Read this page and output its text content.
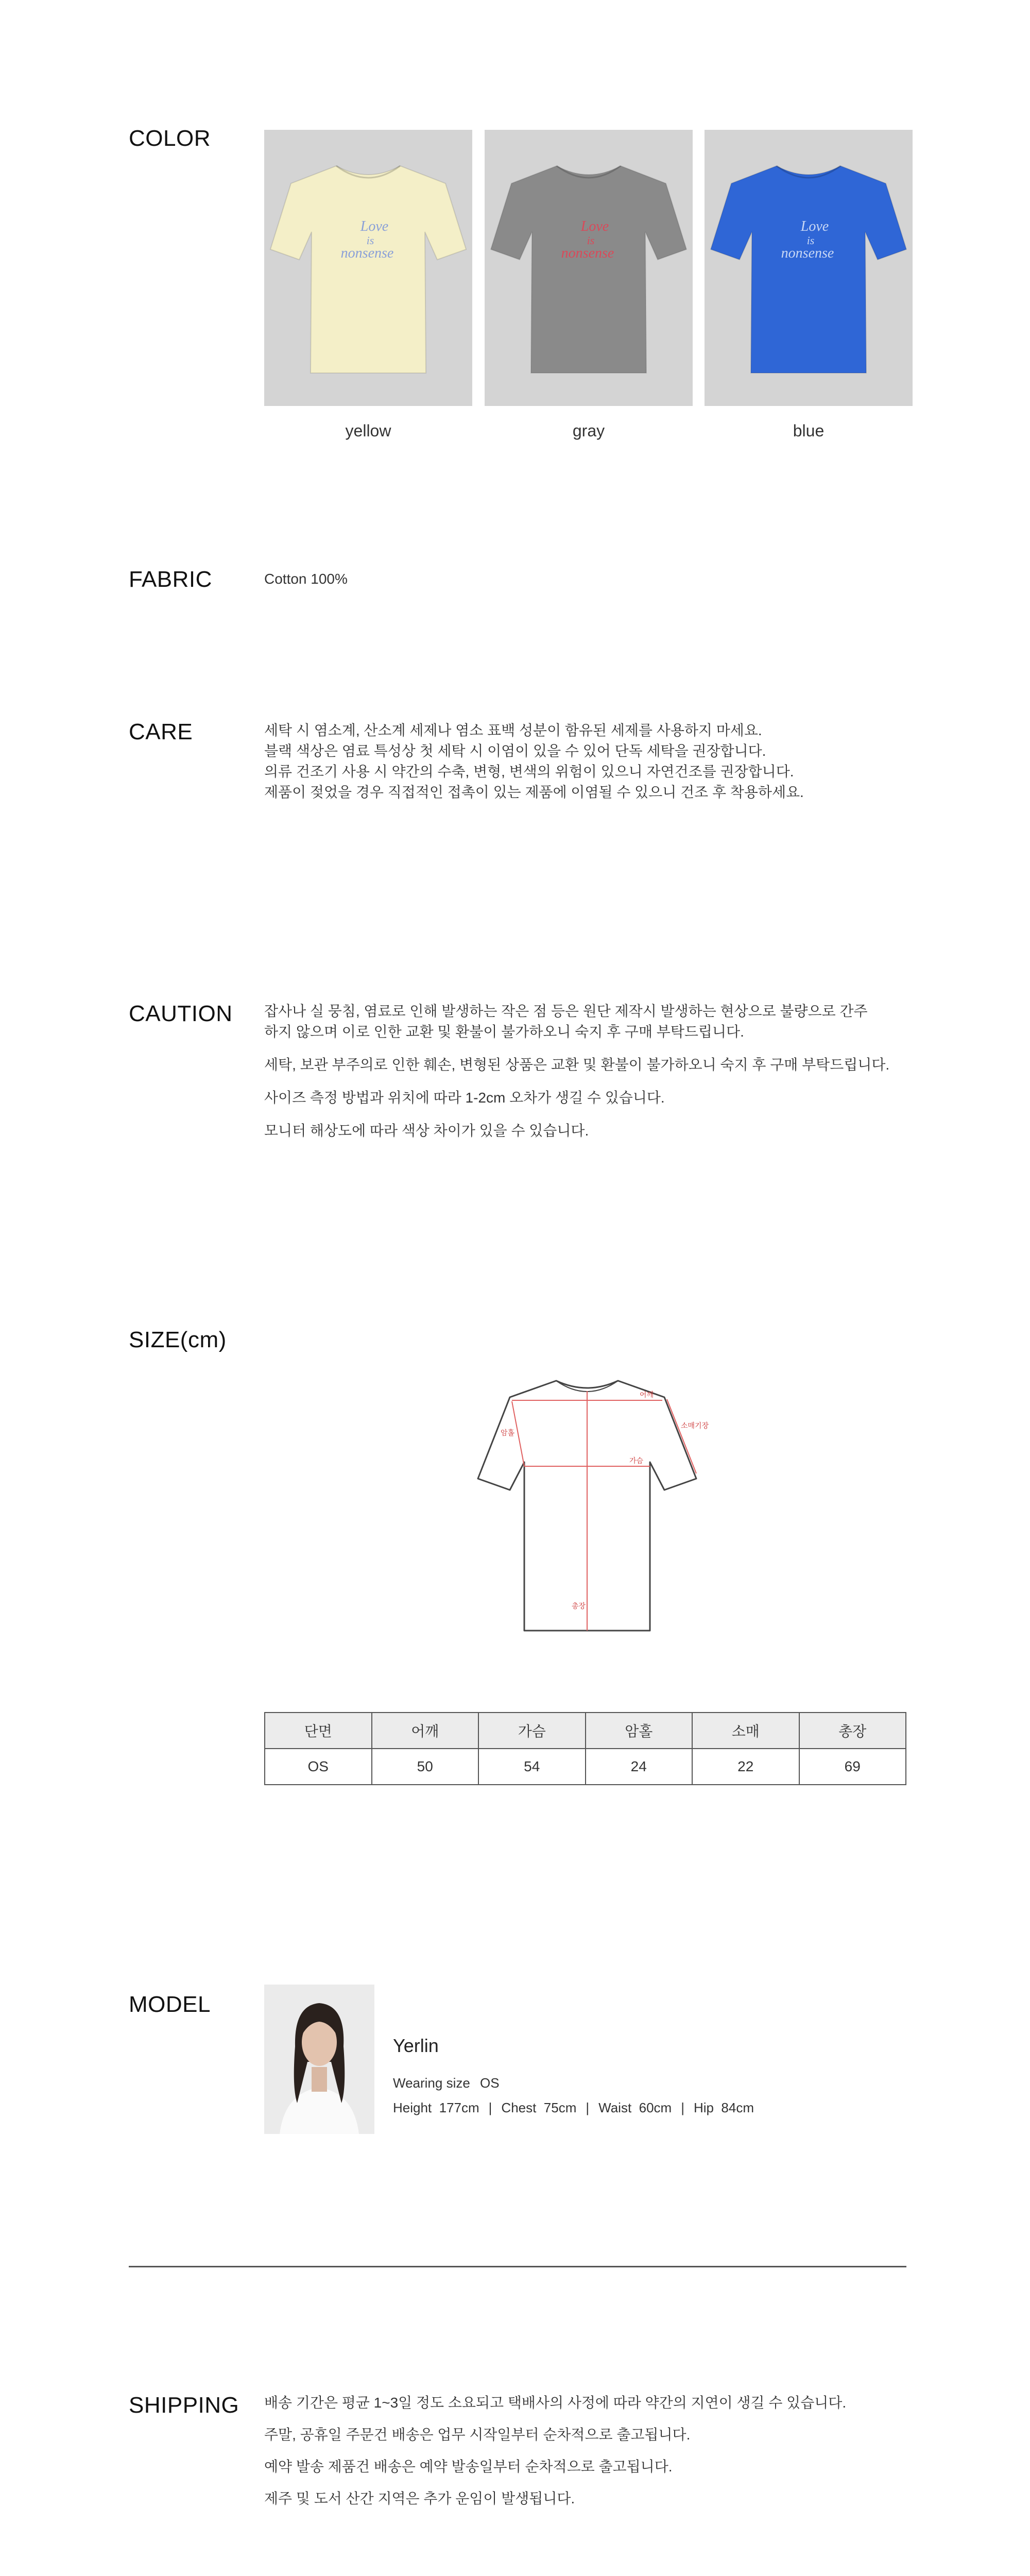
COLOR
Love
is
nonsense
Love
is
nonsense
Love
is
nonsense
yellow	gray	blue
FABRIC	Cotton 100%
CARE	세탁 시 염소계, 산소계 세제나 염소 표백 성분이 함유된 세제를 사용하지 마세요.

블랙 색상은 염료 특성상 첫 세탁 시 이염이 있을 수 있어 단독 세탁을 권장합니다.

의류 건조기 사용 시 약간의 수축, 변형, 변색의 위험이 있으니 자연건조를 권장합니다.

제품이 젖었을 경우 직접적인 접촉이 있는 제품에 이염될 수 있으니 건조 후 착용하세요.

CAUTION 잡사나 실 뭉침, 염료로 인해 발생하는 작은 점 등은 원단 제작시 발생하는 현상으로 불량으로 간주

하지 않으며 이로 인한 교환 및 환불이 불가하오니 숙지 후 구매 부탁드립니다.

세탁, 보관 부주의로 인한 훼손, 변형된 상품은 교환 및 환불이 불가하오니 숙지 후 구매 부탁드립니다.

사이즈 측정 방법과 위치에 따라 1-2cm 오차가 생길 수 있습니다.

모니터 해상도에 따라 색상 차이가 있을 수 있습니다.

SIZE(cm)
어깨
소매기장
암홀
가슴
총장
단면	어깨	가슴	암홀	소매	총장
OS	50	54	24	22	69
MODEL
Yerlin
Wearing size OS
Height  177cm | Chest  75cm | Waist  60cm | Hip  84cm
SHIPPING 배송 기간은 평균 1~3일 정도 소요되고 택배사의 사정에 따라 약간의 지연이 생길 수 있습니다.

주말, 공휴일 주문건 배송은 업무 시작일부터 순차적으로 출고됩니다.

예약 발송 제품건 배송은 예약 발송일부터 순차적으로 출고됩니다.

제주 및 도서 산간 지역은 추가 운임이 발생됩니다.
